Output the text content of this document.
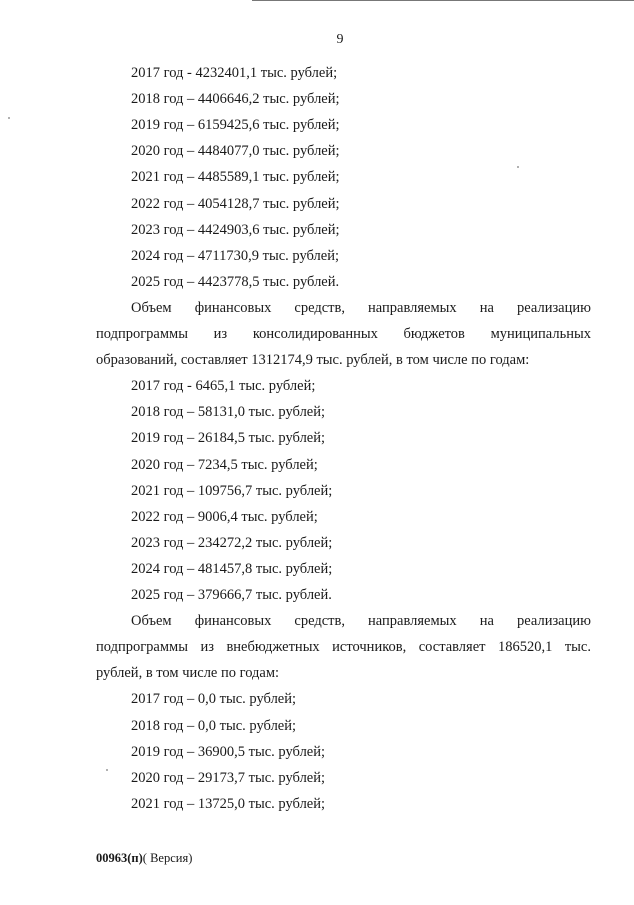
9
2017 год - 4232401,1 тыс. рублей;
2018 год – 4406646,2 тыс. рублей;
2019 год – 6159425,6 тыс. рублей;
2020 год – 4484077,0 тыс. рублей;
2021 год – 4485589,1 тыс. рублей;
2022 год – 4054128,7 тыс. рублей;
2023 год – 4424903,6 тыс. рублей;
2024 год – 4711730,9 тыс. рублей;
2025 год – 4423778,5 тыс. рублей.
Объем финансовых средств, направляемых на реализацию
подпрограммы из консолидированных бюджетов муниципальных
образований, составляет 1312174,9 тыс. рублей, в том числе по годам:
2017 год - 6465,1 тыс. рублей;
2018 год – 58131,0 тыс. рублей;
2019 год – 26184,5 тыс. рублей;
2020 год – 7234,5 тыс. рублей;
2021 год – 109756,7 тыс. рублей;
2022 год – 9006,4 тыс. рублей;
2023 год – 234272,2 тыс. рублей;
2024 год – 481457,8 тыс. рублей;
2025 год – 379666,7 тыс. рублей.
Объем финансовых средств, направляемых на реализацию
подпрограммы из внебюджетных источников, составляет 186520,1 тыс.
рублей, в том числе по годам:
2017 год – 0,0 тыс. рублей;
2018 год – 0,0 тыс. рублей;
2019 год – 36900,5 тыс. рублей;
2020 год – 29173,7 тыс. рублей;
2021 год – 13725,0 тыс. рублей;
00963(п)( Версия)
